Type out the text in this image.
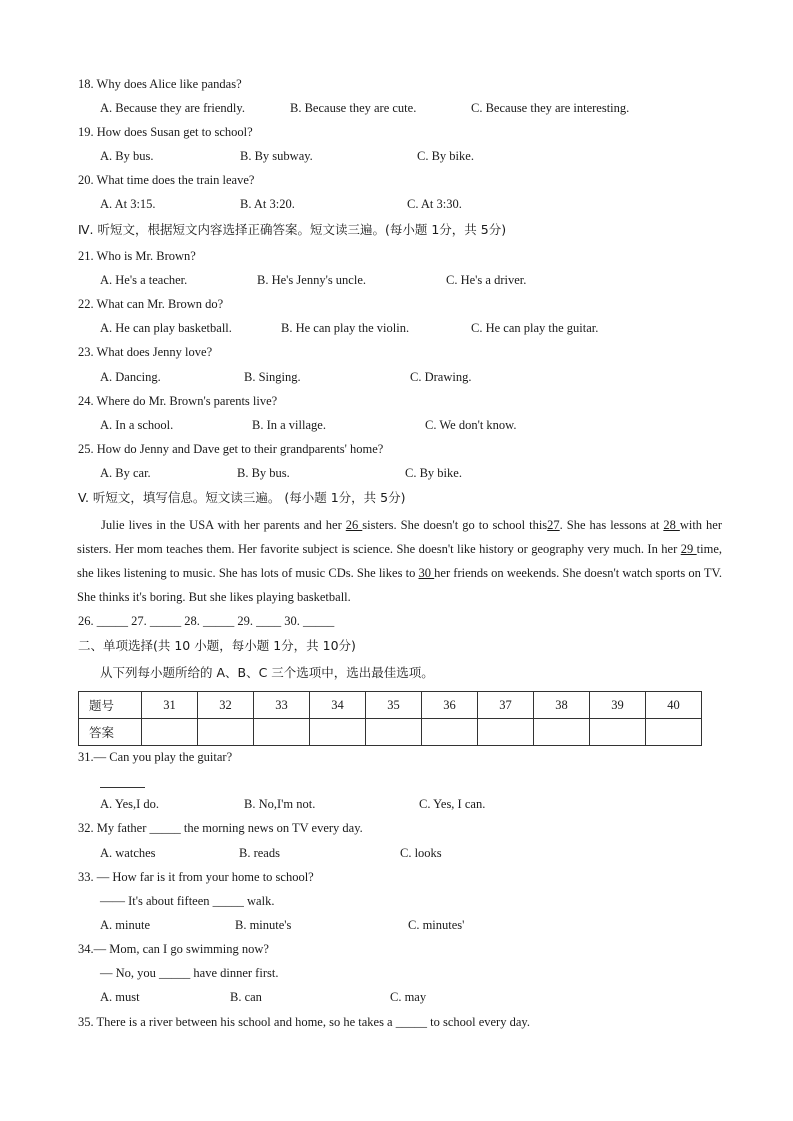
18. Why does Alice like pandas?
A. Because they are friendly.	B. Because they are cute.	C. Because they are interesting.
19. How does Susan get to school?
A. By bus.	B. By subway.	C. By bike.
20. What time does the train leave?
A. At 3:15.	B. At 3:20.	C. At 3:30.
Ⅳ. 听短文，根据短文内容选择正确答案。短文读三遍。(每小题 1分，共 5分)
21. Who is Mr. Brown?
A. He's a teacher.	B. He's Jenny's uncle.	C. He's a driver.
22. What can Mr. Brown do?
A. He can play basketball.	B. He can play the violin.	C. He can play the guitar.
23. What does Jenny love?
A. Dancing.	B. Singing.	C. Drawing.
24. Where do Mr. Brown's parents live?
A. In a school.	B. In a village.	C. We don't know.
25. How do Jenny and Dave get to their grandparents' home?
A. By car.	B. By bus.	C. By bike.
V. 听短文，填写信息。短文读三遍。 (每小题 1分，共 5分)
Julie lives in the USA with her parents and her 26 sisters. She doesn't go to school this27. She has lessons at 28 with her sisters. Her mom teaches them. Her favorite subject is science. She doesn't like history or geography very much. In her 29 time, she likes listening to music. She has lots of music CDs. She likes to 30 her friends on weekends. She doesn't watch sports on TV. She thinks it's boring. But she likes playing basketball.
26. _____ 27. _____ 28. _____ 29. ____ 30. _____
二、单项选择(共 10 小题，每小题 1分，共 10分)
从下列每小题所给的 A、B、C 三个选项中，选出最佳选项。
题号	31	32	33	34	35	36	37	38	39	40
答案										
31.— Can you play the guitar?
A. Yes,I do.	B. No,I'm not.	C. Yes, I can.
32. My father _____ the morning news on TV every day.
A. watches	B. reads	C. looks
33. — How far is it from your home to school?
—— It's about fifteen _____ walk.
A. minute	B. minute's	C. minutes'
34.— Mom, can I go swimming now?
— No, you _____ have dinner first.
A. must	B. can	C. may
35. There is a river between his school and home, so he takes a _____ to school every day.
